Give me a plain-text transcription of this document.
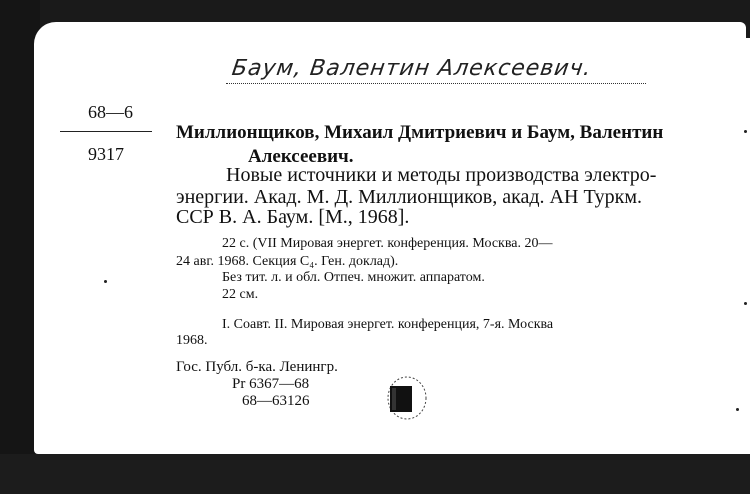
Баум, Валентин Алексеевич.
68—6
9317
Миллионщиков, Михаил Дмитриевич и Баум, Валентин
Алексеевич.
Новые источники и методы производства электро-
энергии. Акад. М. Д. Миллионщиков, акад. АН Туркм.
ССР В. А. Баум. [М., 1968].
22 с. (VII Мировая энергет. конференция. Москва. 20—
24 авг. 1968. Секция C₄. Ген. доклад).
Без тит. л. и обл. Отпеч. множит. аппаратом.
22 см.
I. Соавт. II. Мировая энергет. конференция, 7-я. Москва
1968.
Гос. Публ. б-ка. Ленингр.
Pr 6367—68
68—63126
